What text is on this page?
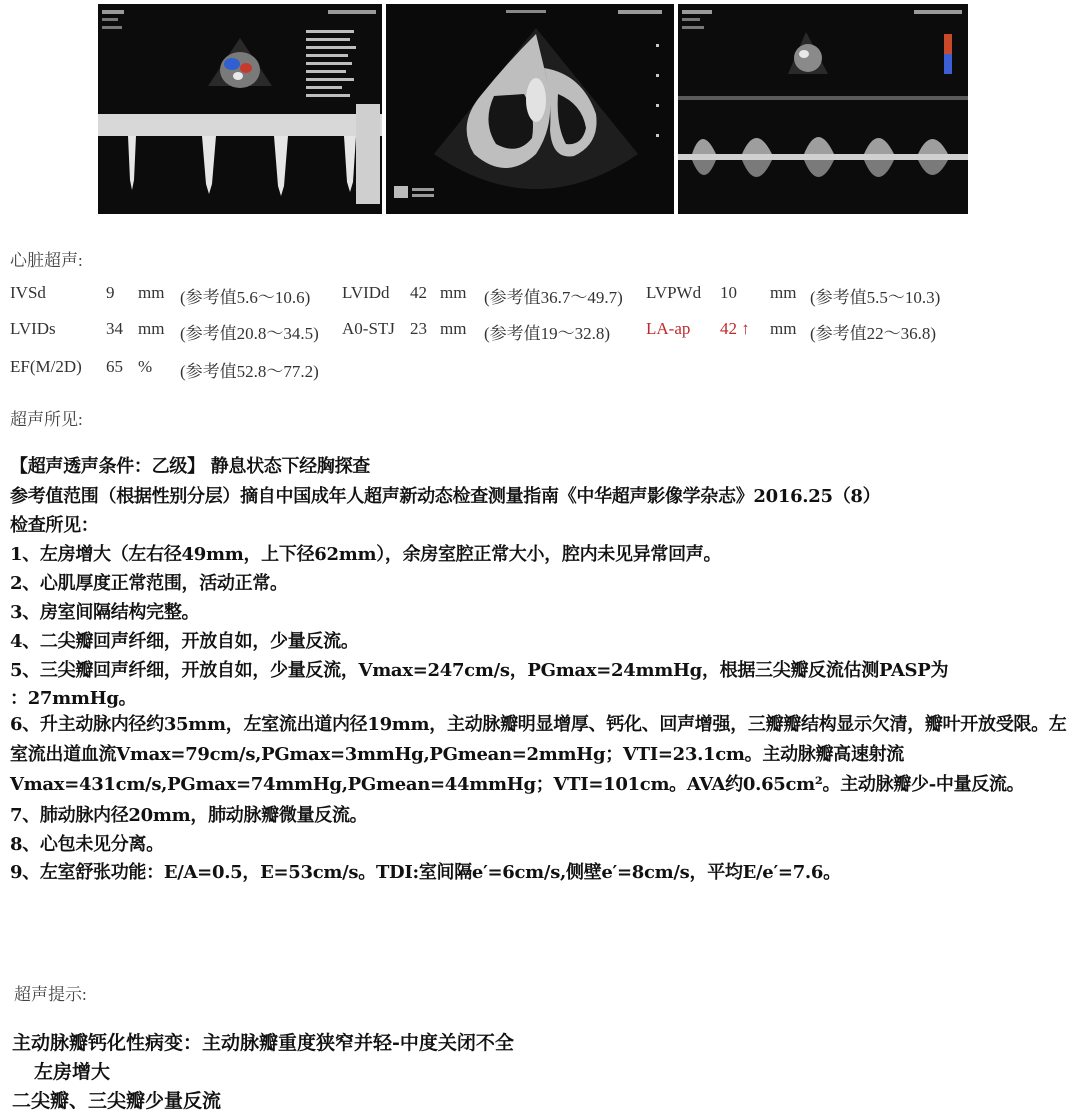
心脏超声:
IVSd	9 mm (参考值5.6～10.6) LVIDd 42 mm (参考值36.7～49.7) LVPWd 10 mm (参考值5.5～10.3)
LVIDs	34 mm (参考值20.8～34.5) A0-STJ 23 mm (参考值19～32.8) LA-ap 42 ↑ mm (参考值22～36.8)
EF(M/2D) 65 % (参考值52.8～77.2)
超声所见:
【超声透声条件：乙级】 静息状态下经胸探查
参考值范围（根据性别分层）摘自中国成年人超声新动态检查测量指南《中华超声影像学杂志》2016.25（8）
检查所见：
1、左房增大（左右径49mm，上下径62mm），余房室腔正常大小，腔内未见异常回声。
2、心肌厚度正常范围，活动正常。
3、房室间隔结构完整。
4、二尖瓣回声纤细，开放自如，少量反流。
5、三尖瓣回声纤细，开放自如，少量反流，Vmax=247cm/s，PGmax=24mmHg，根据三尖瓣反流估测PASP为
：27mmHg。
6、升主动脉内径约35mm，左室流出道内径19mm，主动脉瓣明显增厚、钙化、回声增强，三瓣瓣结构显示欠清，瓣叶开放受限。左室流出道血流Vmax=79cm/s,PGmax=3mmHg,PGmean=2mmHg；VTI=23.1cm。主动脉瓣高速射流Vmax=431cm/s,PGmax=74mmHg,PGmean=44mmHg；VTI=101cm。AVA约0.65cm²。主动脉瓣少-中量反流。
7、肺动脉内径20mm，肺动脉瓣微量反流。
8、心包未见分离。
9、左室舒张功能：E/A=0.5，E=53cm/s。TDI:室间隔e′=6cm/s,侧壁e′=8cm/s，平均E/e′=7.6。
超声提示:
主动脉瓣钙化性病变：主动脉瓣重度狭窄并轻-中度关闭不全
左房增大
二尖瓣、三尖瓣少量反流
